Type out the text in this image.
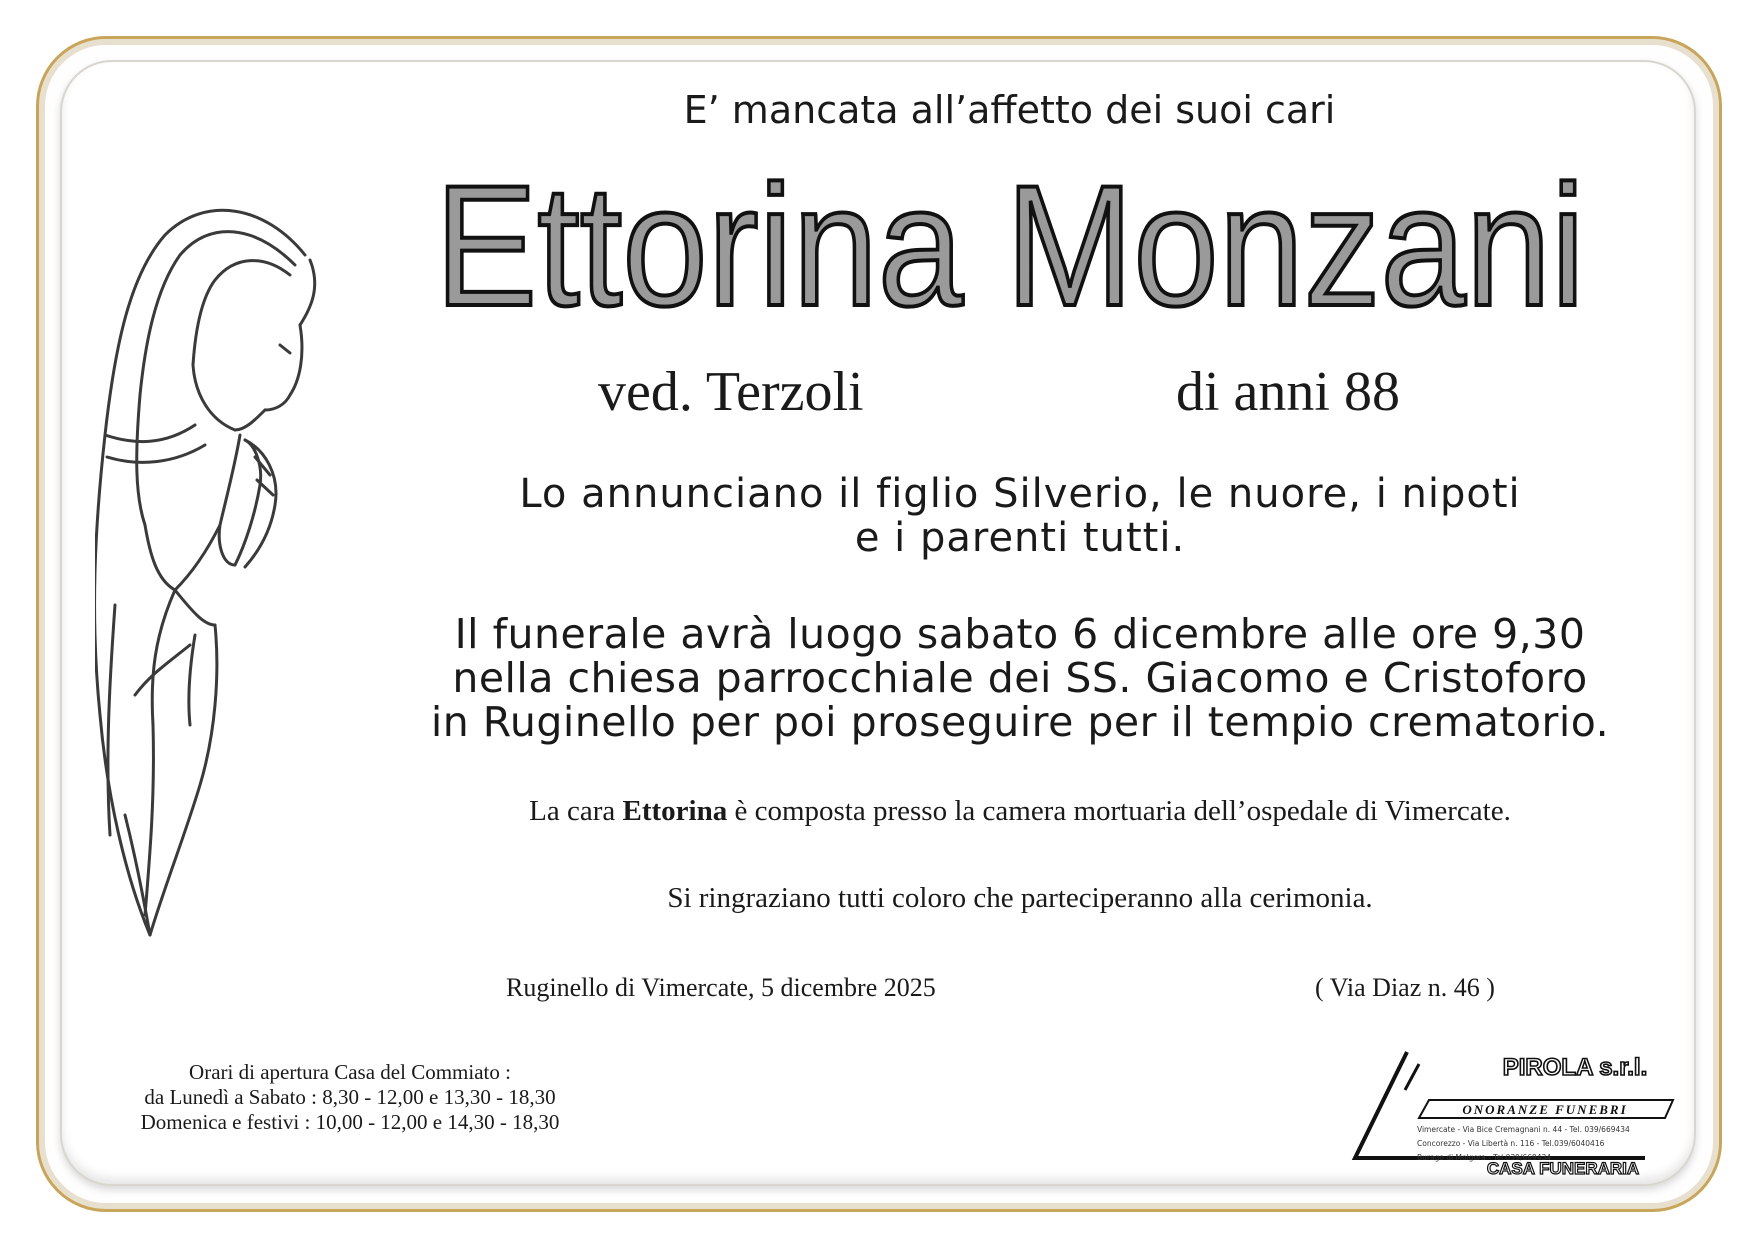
E’ mancata all’affetto dei suoi cari
Ettorina Monzani
ved. Terzoli	di anni 88
Lo annunciano il figlio Silverio, le nuore, i nipoti
e i parenti tutti.
Il funerale avrà luogo sabato 6 dicembre alle ore 9,30
nella chiesa parrocchiale dei SS. Giacomo e Cristoforo
in Ruginello per poi proseguire per il tempio crematorio.
La cara Ettorina è composta presso la camera mortuaria dell’ospedale di Vimercate.
Si ringraziano tutti coloro che parteciperanno alla cerimonia.
Ruginello di Vimercate, 5 dicembre 2025	( Via Diaz n. 46 )
Orari di apertura Casa del Commiato :
da Lunedì a Sabato : 8,30 - 12,00 e 13,30 - 18,30
Domenica e festivi : 10,00 - 12,00 e 14,30 - 18,30
PIROLA s.r.l.
ONORANZE FUNEBRI
Vimercate - Via Bice Cremagnani n. 44 - Tel. 039/669434
Concorezzo - Via Libertà n. 116 - Tel.039/6040416
Burago di Molgora - Tel.039/669434
CASA FUNERARIA
